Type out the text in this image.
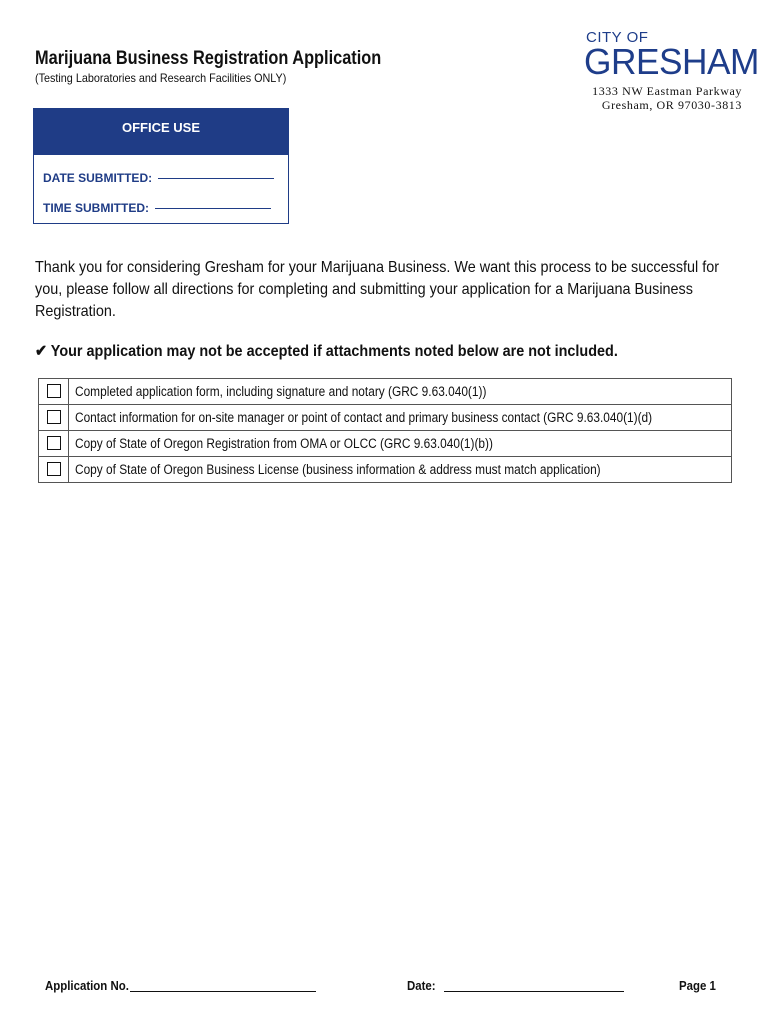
Marijuana Business Registration Application
(Testing Laboratories and Research Facilities ONLY)
CITY OF
GRESHAM
1333 NW Eastman Parkway
Gresham, OR 97030-3813
OFFICE USE
DATE SUBMITTED:
TIME SUBMITTED:
Thank you for considering Gresham for your Marijuana Business. We want this process to be successful for you, please follow all directions for completing and submitting your application for a Marijuana Business Registration.
✔ Your application may not be accepted if attachments noted below are not included.
	Completed application form, including signature and notary (GRC 9.63.040(1))
	Contact information for on-site manager or point of contact and primary business contact (GRC 9.63.040(1)(d)
	Copy of State of Oregon Registration from OMA or OLCC (GRC 9.63.040(1)(b))
	Copy of State of Oregon Business License (business information & address must match application)
Application No.	Date:	Page 1
